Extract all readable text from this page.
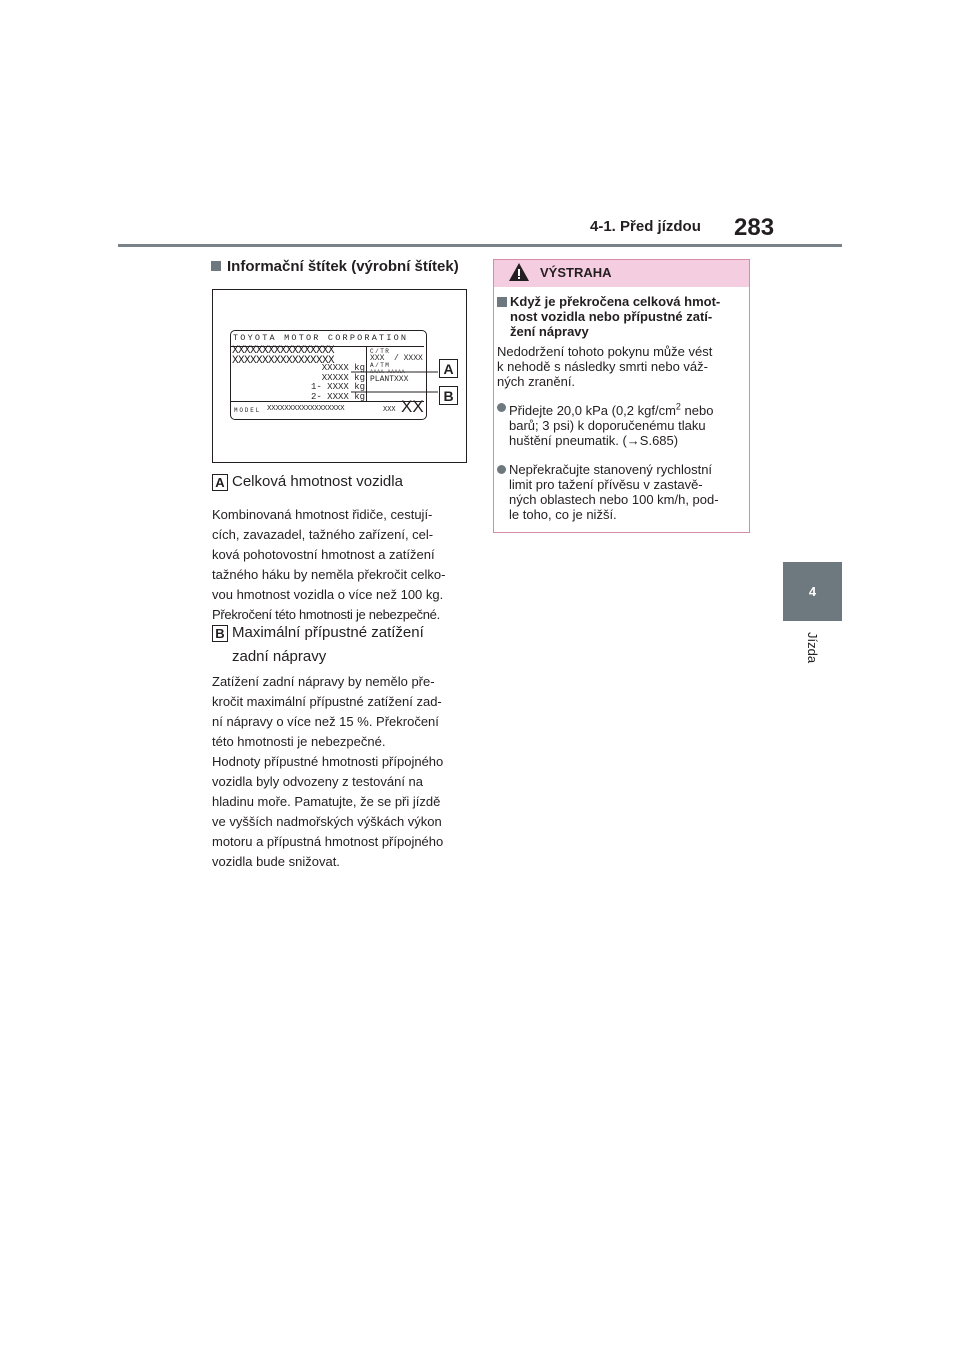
4-1. Před jízdou 283
4
Jízda
Informační štítek (výrobní štítek)
TOYOTA MOTOR CORPORATION
XXXXXXXXXXXXXXXXX
XXXXXXXXXXXXXXXXX
C/TR
XXX  / XXXX
A/TM
AAAA-AAAAA
PLANTXXX
XXXXX kg
XXXXX kg
1- XXXX kg
2- XXXX kg
MODEL XXXXXXXXXXXXXXXXXX	XXX XX
A
B
A Celková hmotnost vozidla
Kombinovaná hmotnost řidiče, cestují-
cích, zavazadel, tažného zařízení, cel-
ková pohotovostní hmotnost a zatížení
tažného háku by neměla překročit celko-
vou hmotnost vozidla o více než 100 kg.
Překročení této hmotnosti je nebezpečné.
B Maximální přípustné zatížení
zadní nápravy
Zatížení zadní nápravy by nemělo pře-
kročit maximální přípustné zatížení zad-
ní nápravy o více než 15 %. Překročení
této hmotnosti je nebezpečné.
Hodnoty přípustné hmotnosti přípojného
vozidla byly odvozeny z testování na
hladinu moře. Pamatujte, že se při jízdě
ve vyšších nadmořských výškách výkon
motoru a přípustná hmotnost přípojného
vozidla bude snižovat.
VÝSTRAHA
Když je překročena celková hmot-
nost vozidla nebo přípustné zatí-
žení nápravy
Nedodržení tohoto pokynu může vést
k nehodě s následky smrti nebo váž-
ných zranění.
Přidejte 20,0 kPa (0,2 kgf/$cm^2$ nebo
barů; 3 psi) k doporučenému tlaku
huštění pneumatik. (→S.685)
Nepřekračujte stanovený rychlostní
limit pro tažení přívěsu v zastavě-
ných oblastech nebo 100 km/h, pod-
le toho, co je nižší.
